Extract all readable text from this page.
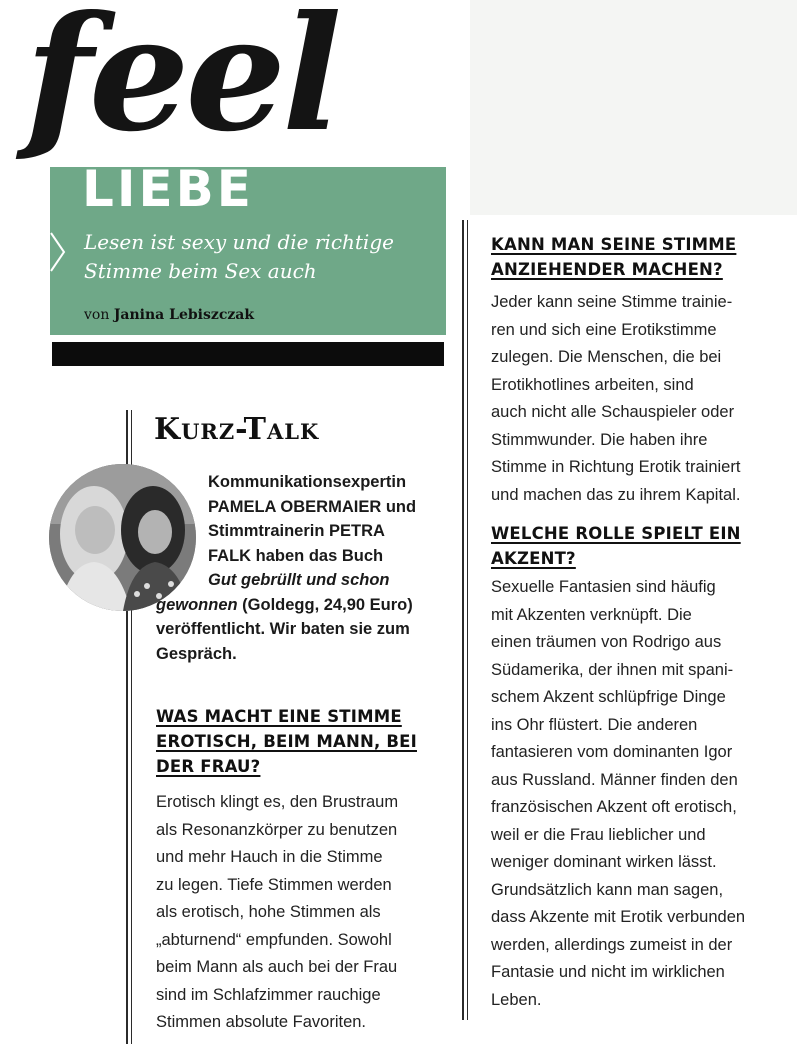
feel
LIEBE
Lesen ist sexy und die richtige
Stimme beim Sex auch
von Janina Lebiszczak
Kurz-Talk
Kommunikationsexpertin
PAMELA OBERMAIER und
Stimmtrainerin PETRA
FALK haben das Buch
Gut gebrüllt und schon
gewonnen (Goldegg, 24,90 Euro)
veröffentlicht. Wir baten sie zum
Gespräch.

WAS MACHT EINE STIMME

EROTISCH, BEIM MANN, BEI

DER FRAU?

Erotisch klingt es, den Brustraum

als Resonanzkörper zu benutzen

und mehr Hauch in die Stimme

zu legen. Tiefe Stimmen werden

als erotisch, hohe Stimmen als

„abturnend“ empfunden. Sowohl

beim Mann als auch bei der Frau

sind im Schlafzimmer rauchige

Stimmen absolute Favoriten.

KANN MAN SEINE STIMME

ANZIEHENDER MACHEN?

Jeder kann seine Stimme trainie-

ren und sich eine Erotikstimme

zulegen. Die Menschen, die bei

Erotikhotlines arbeiten, sind

auch nicht alle Schauspieler oder

Stimmwunder. Die haben ihre

Stimme in Richtung Erotik trainiert

und machen das zu ihrem Kapital.

WELCHE ROLLE SPIELT EIN

AKZENT?

Sexuelle Fantasien sind häufig

mit Akzenten verknüpft. Die

einen träumen von Rodrigo aus

Südamerika, der ihnen mit spani-

schem Akzent schlüpfrige Dinge

ins Ohr flüstert. Die anderen

fantasieren vom dominanten Igor

aus Russland. Männer finden den

französischen Akzent oft erotisch,

weil er die Frau lieblicher und

weniger dominant wirken lässt.

Grundsätzlich kann man sagen,

dass Akzente mit Erotik verbunden

werden, allerdings zumeist in der

Fantasie und nicht im wirklichen

Leben.
